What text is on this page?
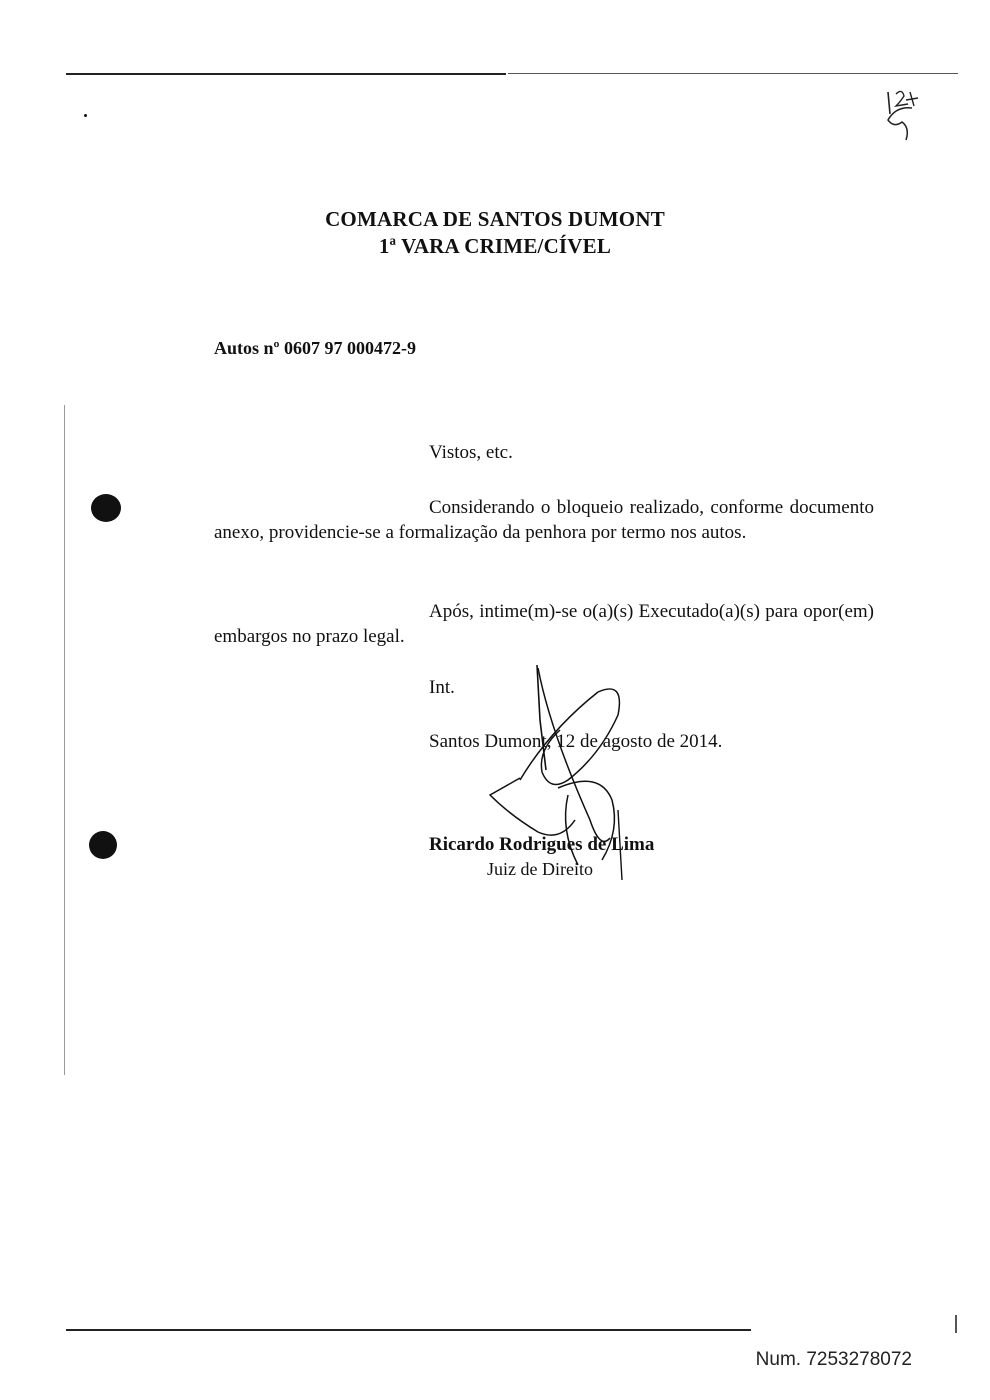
COMARCA DE SANTOS DUMONT
1ª VARA CRIME/CÍVEL
Autos nº 0607 97 000472-9
Vistos, etc.
Considerando o bloqueio realizado, conforme documento anexo, providencie-se a formalização da penhora por termo nos autos.
Após, intime(m)-se o(a)(s) Executado(a)(s) para opor(em) embargos no prazo legal.
Int.
Santos Dumont, 12 de agosto de 2014.
Ricardo Rodrigues de Lima
Juiz de Direito
Num. 7253278072
